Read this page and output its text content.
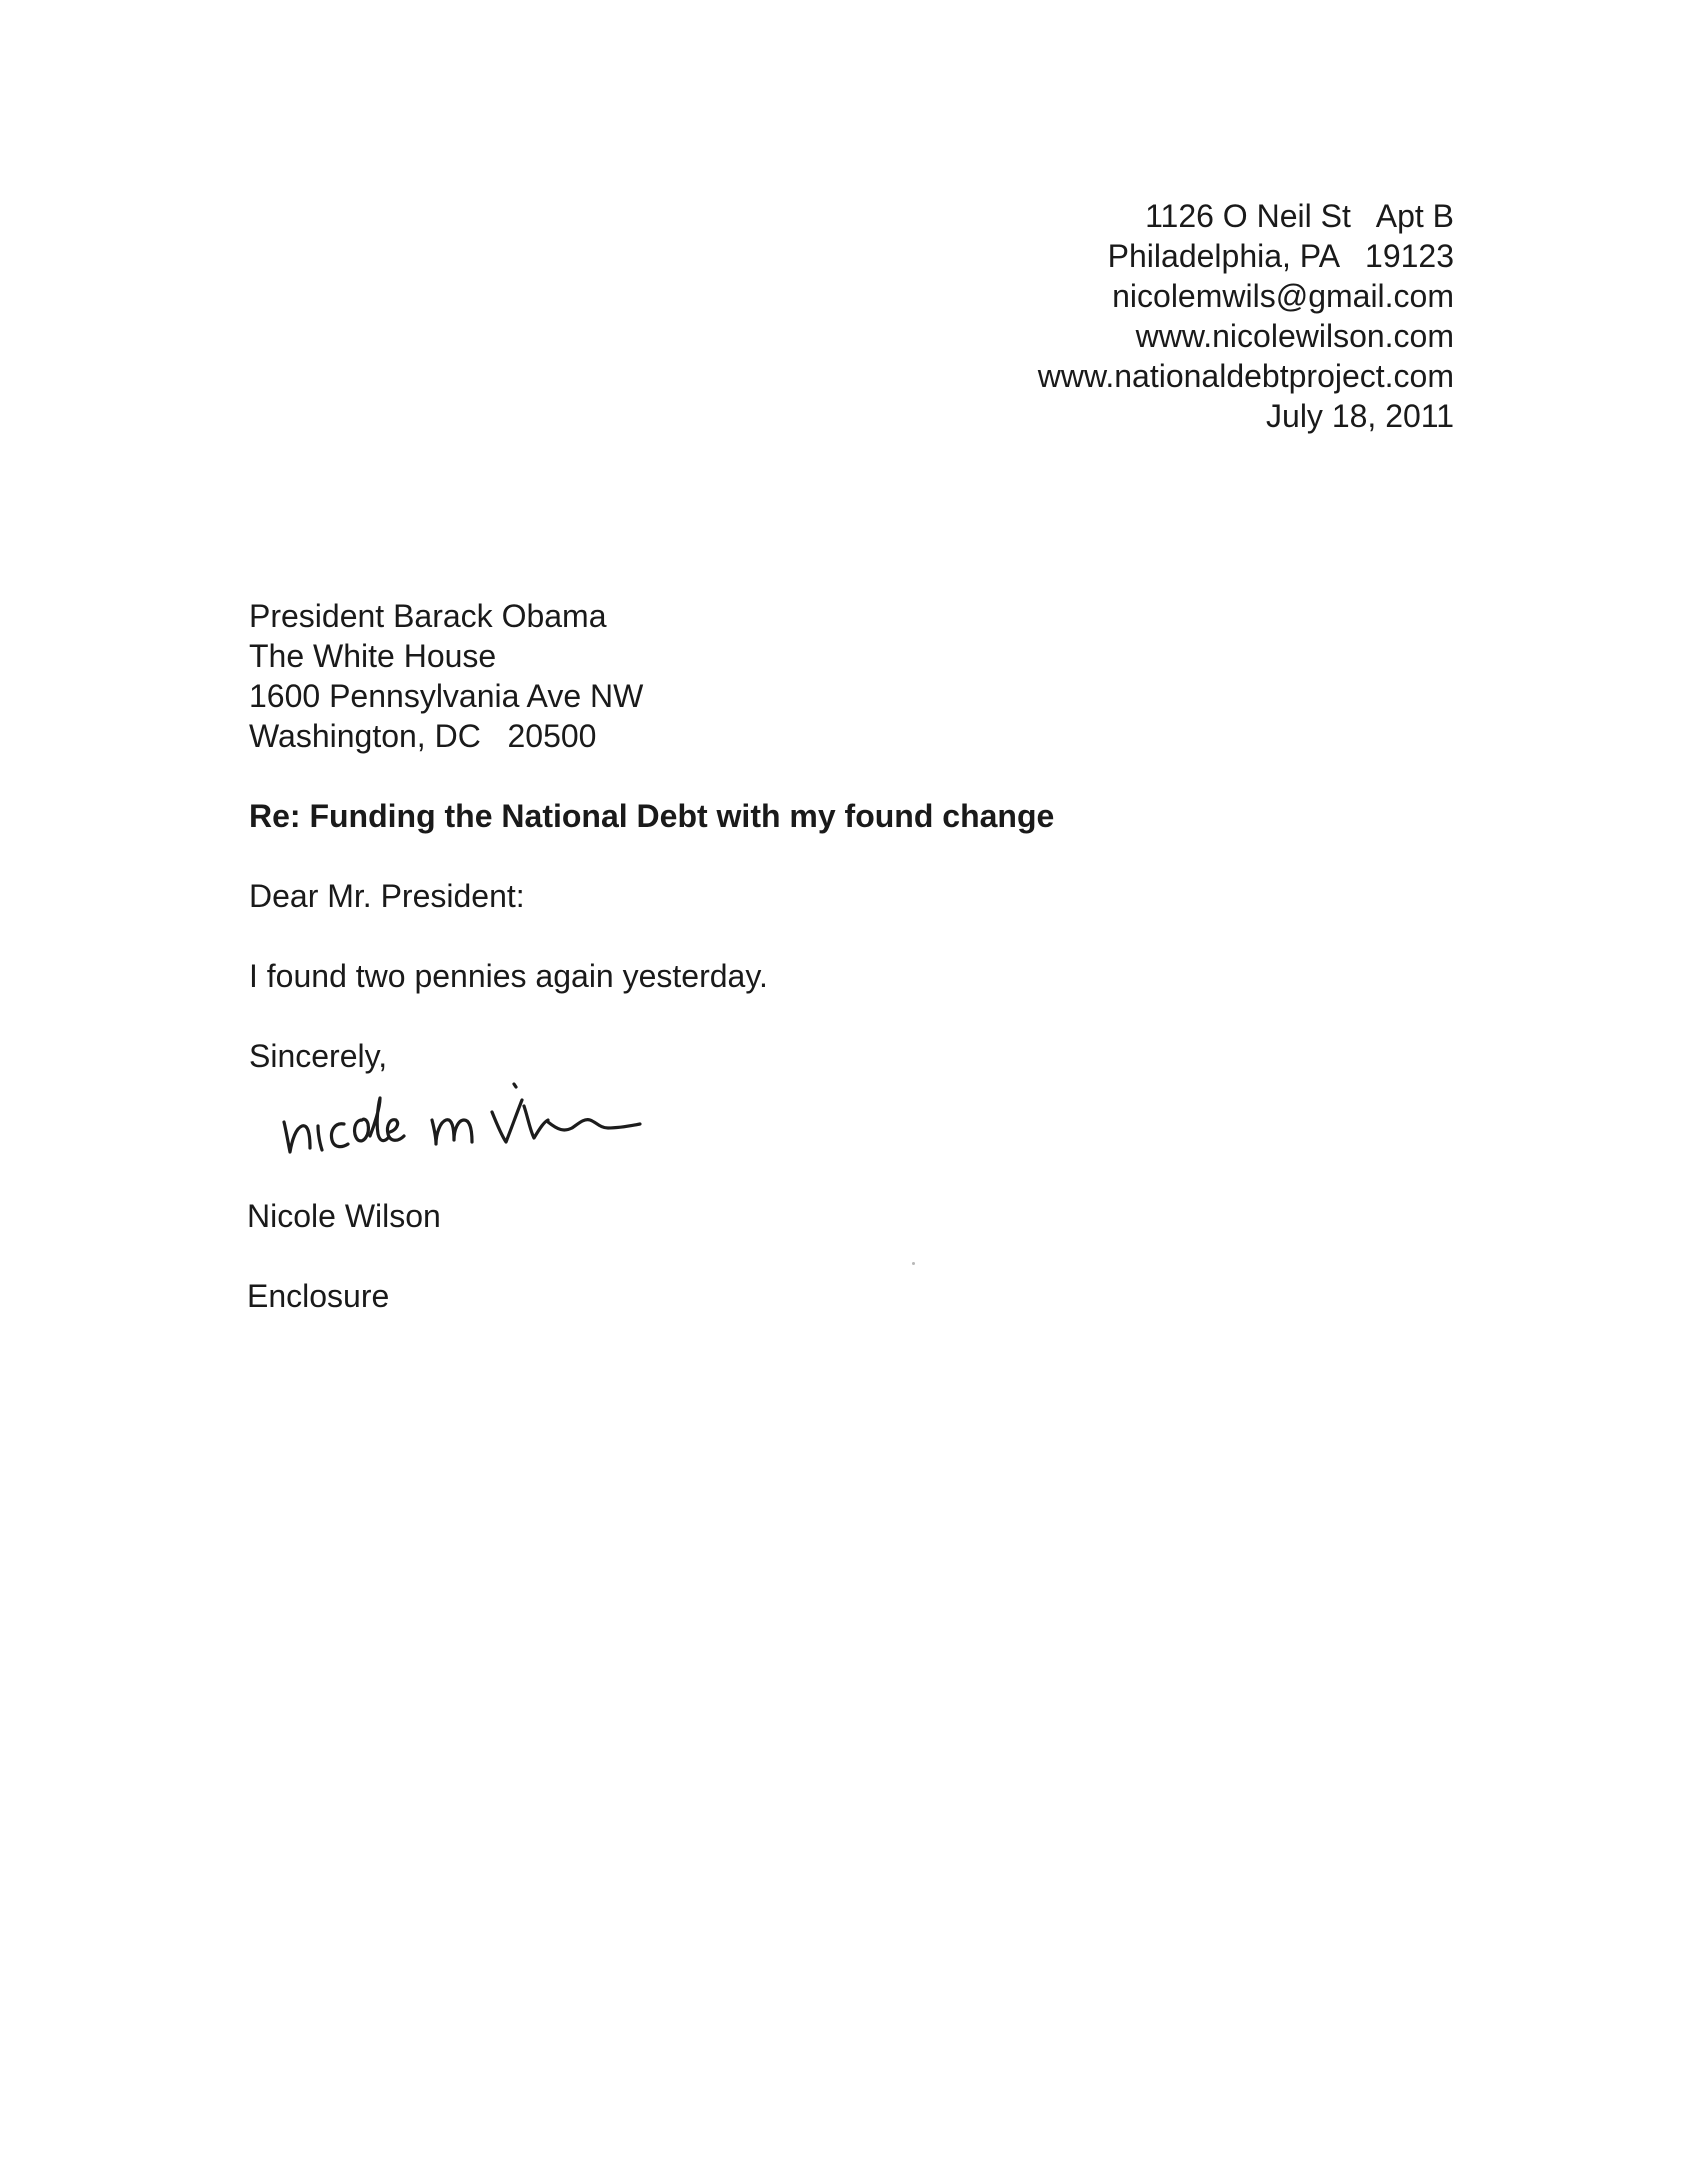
1126 O Neil St   Apt B
Philadelphia, PA   19123
nicolemwils@gmail.com
www.nicolewilson.com
www.nationaldebtproject.com
July 18, 2011
President Barack Obama
The White House
1600 Pennsylvania Ave NW
Washington, DC   20500
Re: Funding the National Debt with my found change
Dear Mr. President:
I found two pennies again yesterday.
Sincerely,
Nicole Wilson
Enclosure
